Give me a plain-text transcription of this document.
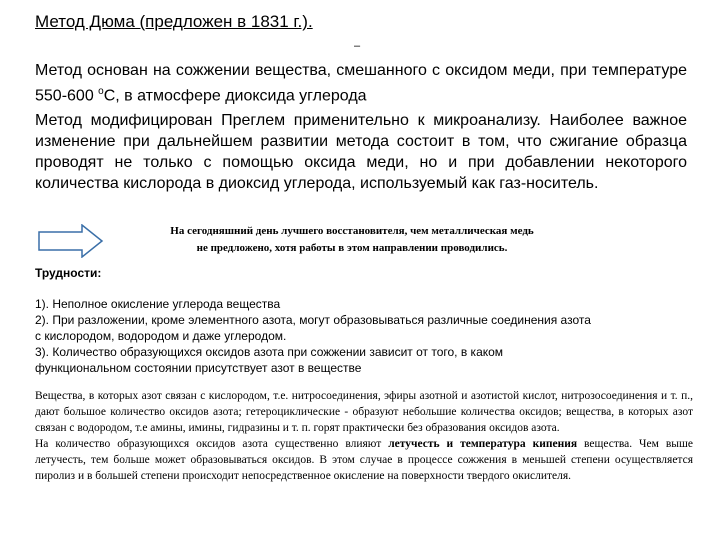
Метод Дюма (предложен в 1831 г.).
–
Метод основан на сожжении вещества, смешанного с оксидом меди, при температуре 550-600 $^о$С, в атмосфере диоксида углерода
Метод модифицирован Преглем применительно к микроанализу. Наиболее важное изменение при дальнейшем развитии метода состоит в том, что сжигание образца проводят не только с помощью оксида меди, но и при добавлении некоторого количества кислорода в диоксид углерода, используемый как газ-носитель.
На сегодняшний день лучшего восстановителя, чем металлическая медь
не предложено, хотя работы в этом направлении проводились.
Трудности:
1). Неполное окисление углерода вещества
2). При разложении, кроме элементного азота, могут образовываться различные соединения азота
с кислородом, водородом и даже углеродом.
3). Количество образующихся оксидов азота при сожжении зависит от того, в каком
функциональном состоянии присутствует азот в веществе

Вещества, в которых азот связан с кислородом, т.е. нитросоединения, эфиры азотной и азотистой кислот, нитрозосоединения и т. п., дают большое количество оксидов азота; гетероциклические - образуют небольшие количества оксидов; вещества, в которых азот связан с водородом, т.е амины, имины, гидразины и т. п. горят практически без образования оксидов азота.

На количество образующихся оксидов азота существенно влияют летучесть и температура кипения вещества. Чем выше летучесть, тем больше может образовываться оксидов. В этом случае в процессе сожжения в меньшей степени осуществляется пиролиз и в большей степени происходит непосредственное окисление на поверхности твердого окислителя.
